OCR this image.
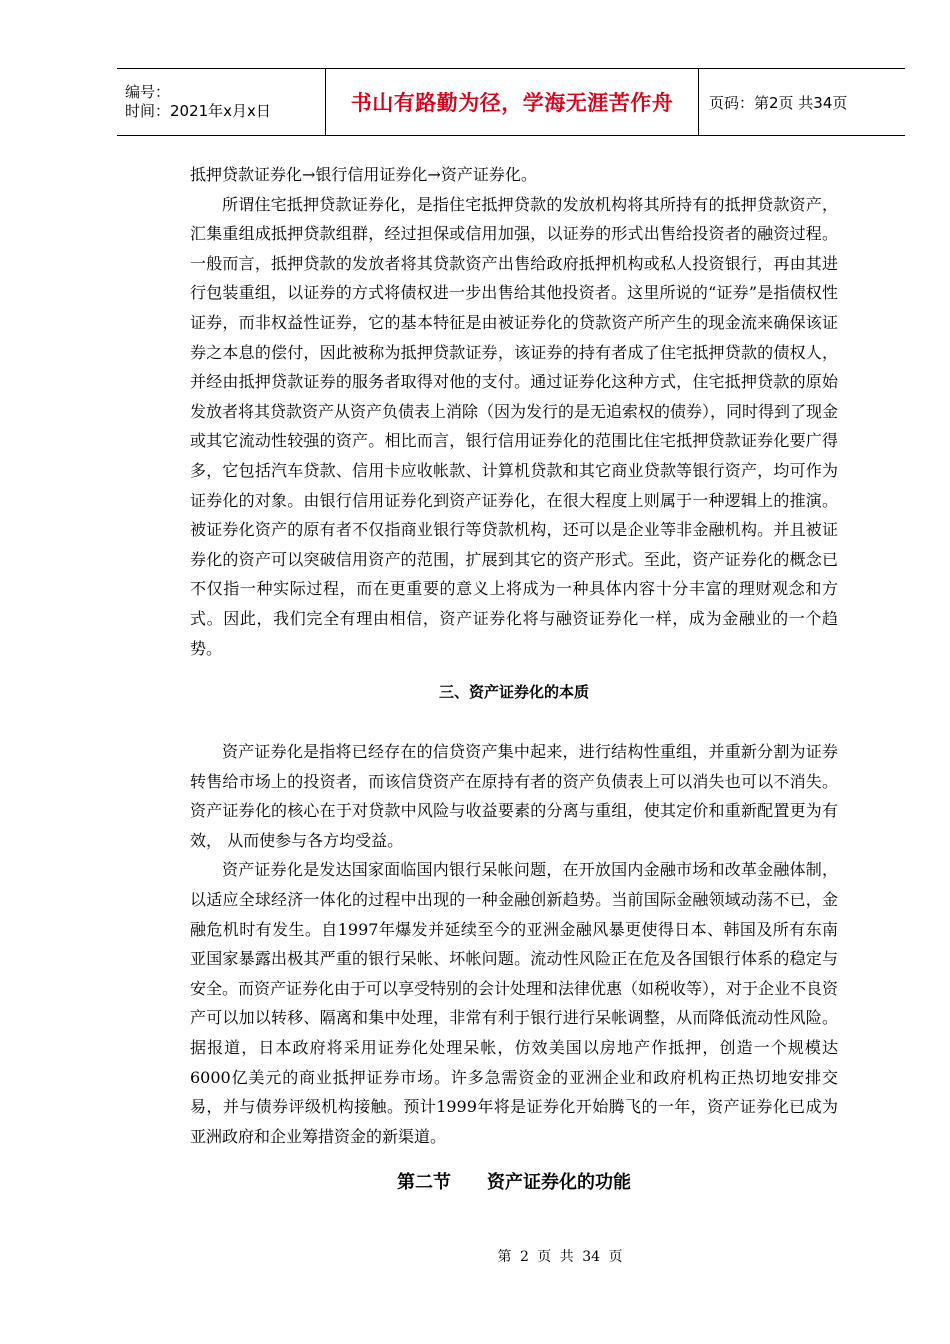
编号：
时间：2021年x月x日	书山有路勤为径，学海无涯苦作舟	页码：第2页 共34页

抵押贷款证券化→银行信用证券化→资产证券化。

所谓住宅抵押贷款证券化，是指住宅抵押贷款的发放机构将其所持有的抵押贷款资产，汇集重组成抵押贷款组群，经过担保或信用加强，以证券的形式出售给投资者的融资过程。一般而言，抵押贷款的发放者将其贷款资产出售给政府抵押机构或私人投资银行，再由其进行包装重组，以证券的方式将债权进一步出售给其他投资者。这里所说的“证券”是指债权性证券，而非权益性证券，它的基本特征是由被证券化的贷款资产所产生的现金流来确保该证券之本息的偿付，因此被称为抵押贷款证券，该证券的持有者成了住宅抵押贷款的债权人，并经由抵押贷款证券的服务者取得对他的支付。通过证券化这种方式，住宅抵押贷款的原始发放者将其贷款资产从资产负债表上消除（因为发行的是无追索权的债券），同时得到了现金或其它流动性较强的资产。相比而言，银行信用证券化的范围比住宅抵押贷款证券化要广得多，它包括汽车贷款、信用卡应收帐款、计算机贷款和其它商业贷款等银行资产，均可作为证券化的对象。由银行信用证券化到资产证券化，在很大程度上则属于一种逻辑上的推演。被证券化资产的原有者不仅指商业银行等贷款机构，还可以是企业等非金融机构。并且被证券化的资产可以突破信用资产的范围，扩展到其它的资产形式。至此，资产证券化的概念已不仅指一种实际过程，而在更重要的意义上将成为一种具体内容十分丰富的理财观念和方式。因此，我们完全有理由相信，资产证券化将与融资证券化一样，成为金融业的一个趋势。

三、资产证券化的本质

资产证券化是指将已经存在的信贷资产集中起来，进行结构性重组，并重新分割为证券转售给市场上的投资者，而该信贷资产在原持有者的资产负债表上可以消失也可以不消失。资产证券化的核心在于对贷款中风险与收益要素的分离与重组，使其定价和重新配置更为有效， 从而使参与各方均受益。

资产证券化是发达国家面临国内银行呆帐问题，在开放国内金融市场和改革金融体制，以适应全球经济一体化的过程中出现的一种金融创新趋势。当前国际金融领域动荡不已，金融危机时有发生。自1997年爆发并延续至今的亚洲金融风暴更使得日本、韩国及所有东南亚国家暴露出极其严重的银行呆帐、坏帐问题。流动性风险正在危及各国银行体系的稳定与安全。而资产证券化由于可以享受特别的会计处理和法律优惠（如税收等），对于企业不良资产可以加以转移、隔离和集中处理，非常有利于银行进行呆帐调整，从而降低流动性风险。据报道，日本政府将采用证券化处理呆帐，仿效美国以房地产作抵押，创造一个规模达6000亿美元的商业抵押证券市场。许多急需资金的亚洲企业和政府机构正热切地安排交易，并与债券评级机构接触。预计1999年将是证券化开始腾飞的一年，资产证券化已成为亚洲政府和企业筹措资金的新渠道。

第二节 资产证券化的功能
第 2 页 共 34 页
